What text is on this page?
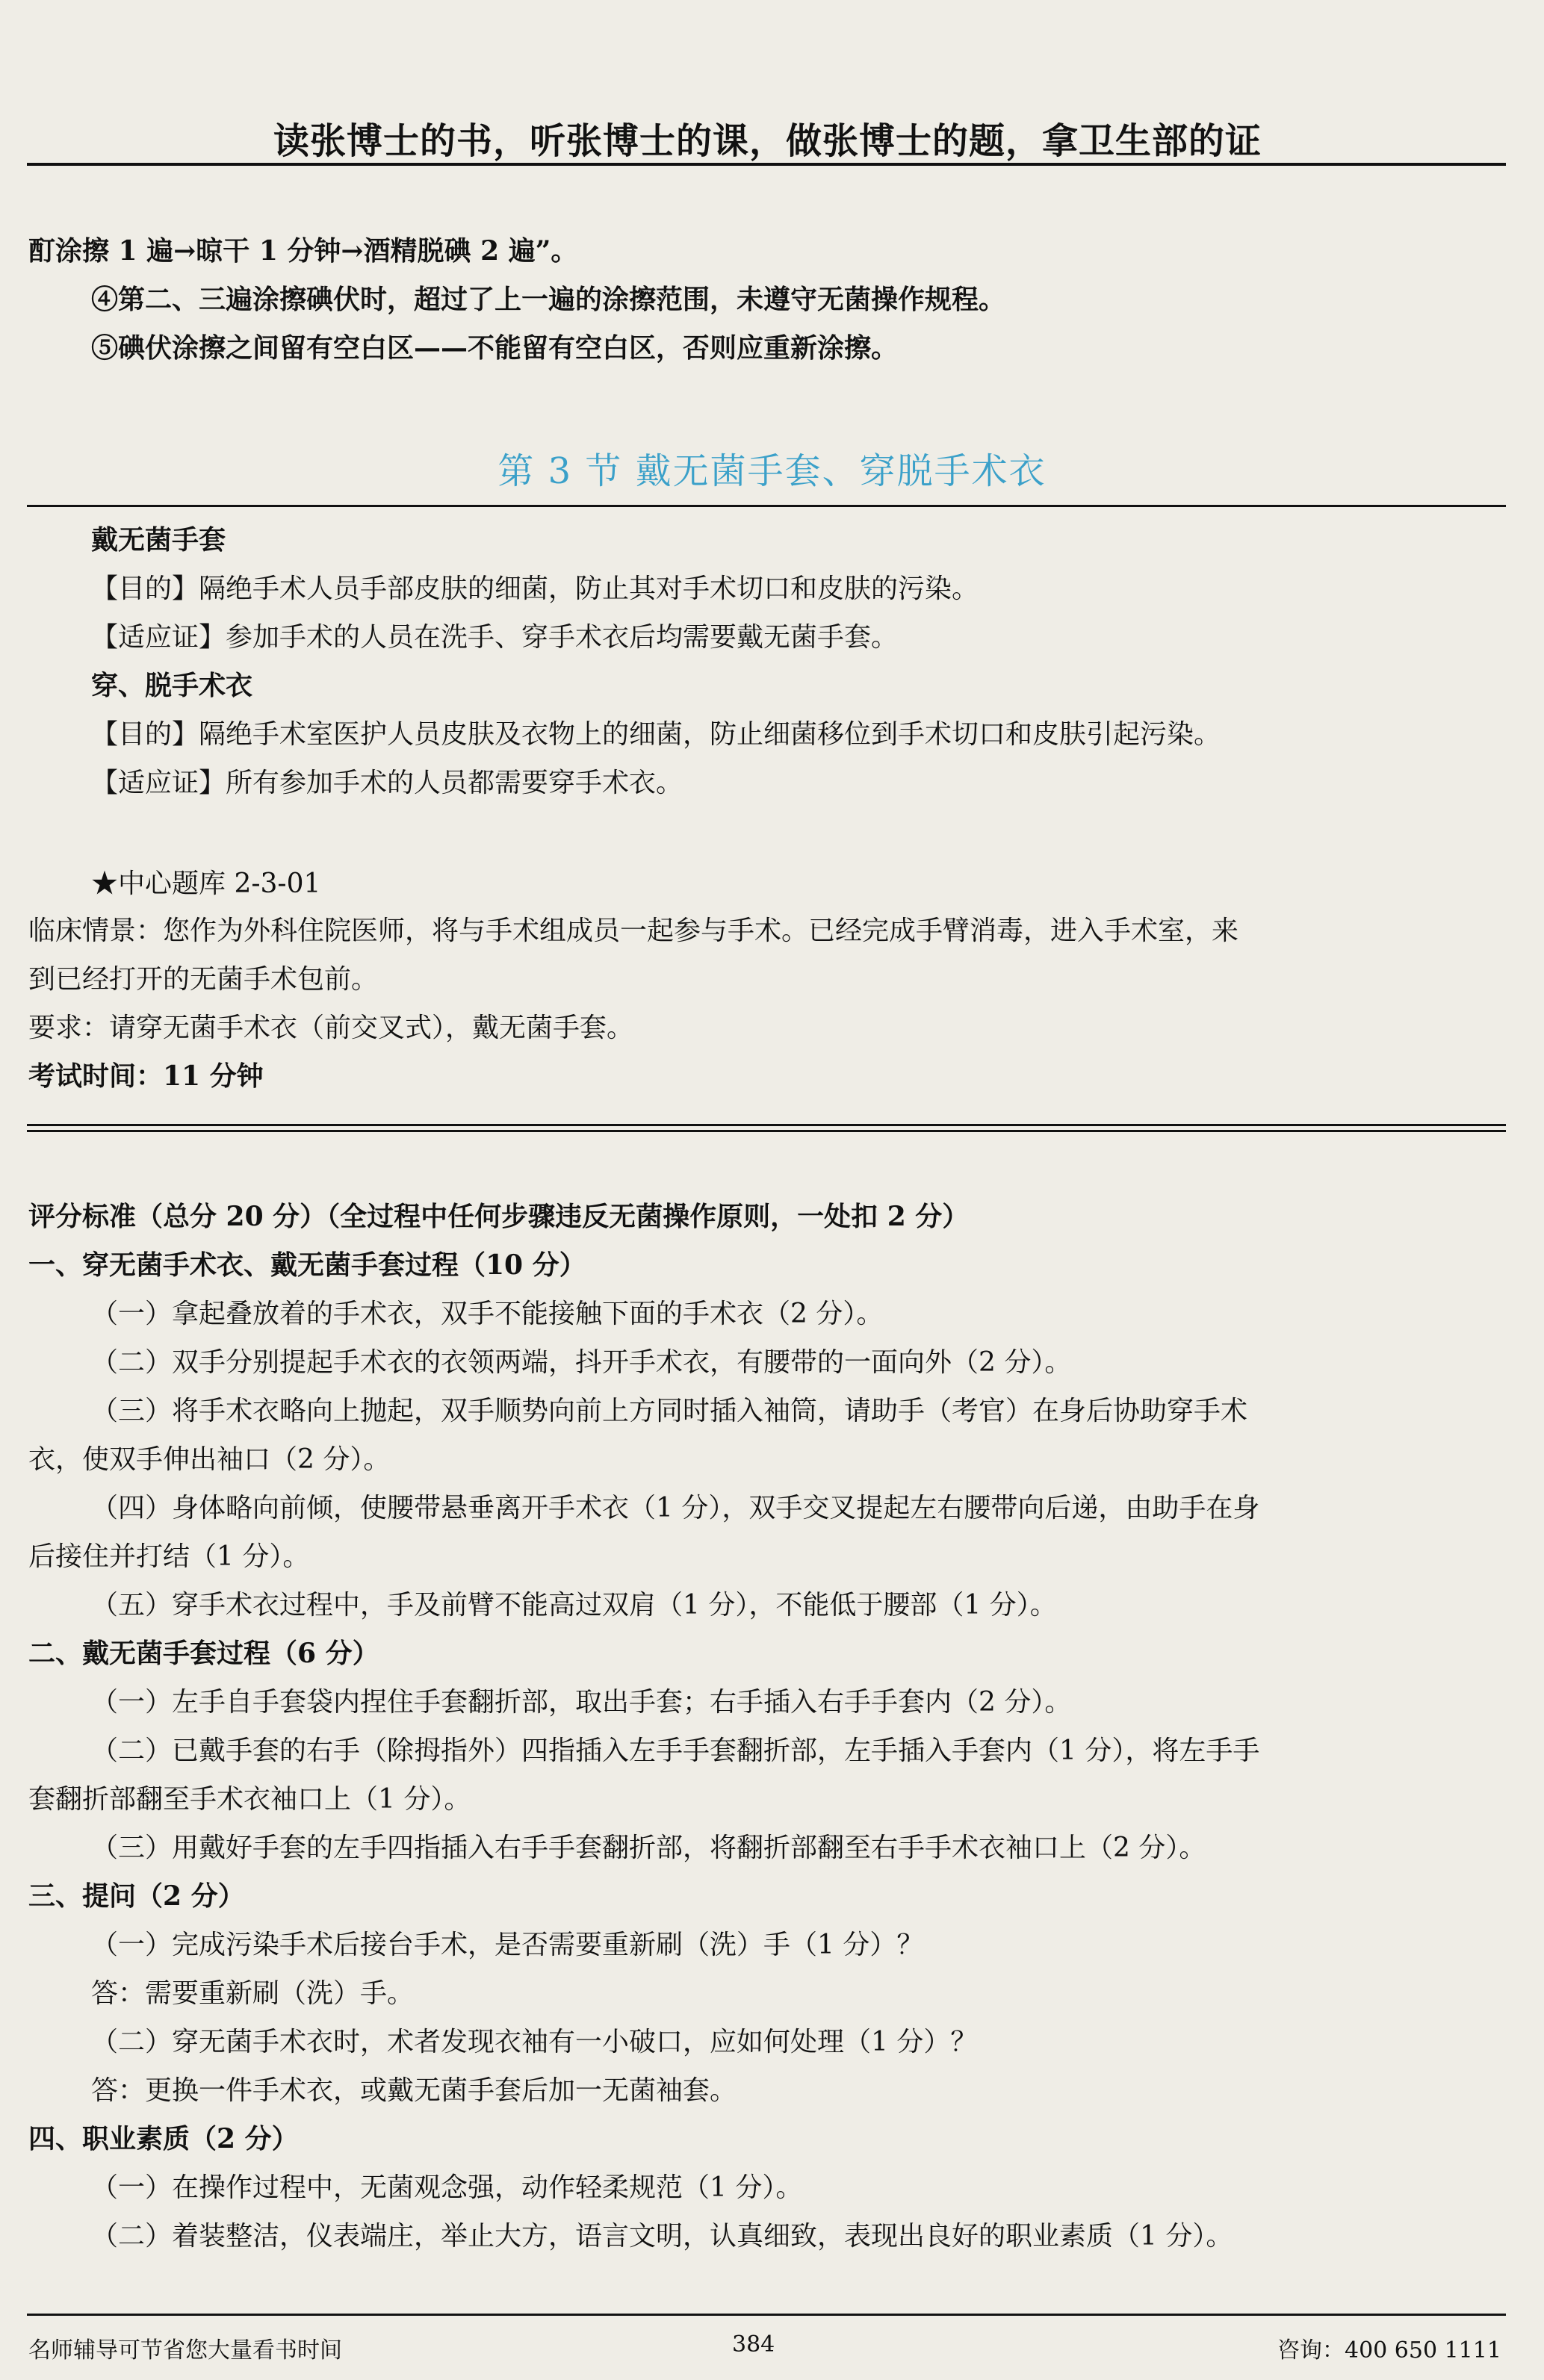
读张博士的书，听张博士的课，做张博士的题，拿卫生部的证
酊涂擦 1 遍→晾干 1 分钟→酒精脱碘 2 遍”。
④第二、三遍涂擦碘伏时，超过了上一遍的涂擦范围，未遵守无菌操作规程。
⑤碘伏涂擦之间留有空白区——不能留有空白区，否则应重新涂擦。
第 3 节 戴无菌手套、穿脱手术衣
戴无菌手套
【目的】隔绝手术人员手部皮肤的细菌，防止其对手术切口和皮肤的污染。
【适应证】参加手术的人员在洗手、穿手术衣后均需要戴无菌手套。
穿、脱手术衣
【目的】隔绝手术室医护人员皮肤及衣物上的细菌，防止细菌移位到手术切口和皮肤引起污染。
【适应证】所有参加手术的人员都需要穿手术衣。
★中心题库 2-3-01
临床情景：您作为外科住院医师，将与手术组成员一起参与手术。已经完成手臂消毒，进入手术室，来
到已经打开的无菌手术包前。
要求：请穿无菌手术衣（前交叉式），戴无菌手套。
考试时间：11 分钟
评分标准（总分 20 分）（全过程中任何步骤违反无菌操作原则，一处扣 2 分）
一、穿无菌手术衣、戴无菌手套过程（10 分）
（一）拿起叠放着的手术衣，双手不能接触下面的手术衣（2 分）。
（二）双手分别提起手术衣的衣领两端，抖开手术衣，有腰带的一面向外（2 分）。
（三）将手术衣略向上抛起，双手顺势向前上方同时插入袖筒，请助手（考官）在身后协助穿手术
衣，使双手伸出袖口（2 分）。
（四）身体略向前倾，使腰带悬垂离开手术衣（1 分），双手交叉提起左右腰带向后递，由助手在身
后接住并打结（1 分）。
（五）穿手术衣过程中，手及前臂不能高过双肩（1 分），不能低于腰部（1 分）。
二、戴无菌手套过程（6 分）
（一）左手自手套袋内捏住手套翻折部，取出手套；右手插入右手手套内（2 分）。
（二）已戴手套的右手（除拇指外）四指插入左手手套翻折部，左手插入手套内（1 分），将左手手
套翻折部翻至手术衣袖口上（1 分）。
（三）用戴好手套的左手四指插入右手手套翻折部，将翻折部翻至右手手术衣袖口上（2 分）。
三、提问（2 分）
（一）完成污染手术后接台手术，是否需要重新刷（洗）手（1 分）？
答：需要重新刷（洗）手。
（二）穿无菌手术衣时，术者发现衣袖有一小破口，应如何处理（1 分）？
答：更换一件手术衣，或戴无菌手套后加一无菌袖套。
四、职业素质（2 分）
（一）在操作过程中，无菌观念强，动作轻柔规范（1 分）。
（二）着装整洁，仪表端庄，举止大方，语言文明，认真细致，表现出良好的职业素质（1 分）。
名师辅导可节省您大量看书时间	384	咨询：400 650 1111
